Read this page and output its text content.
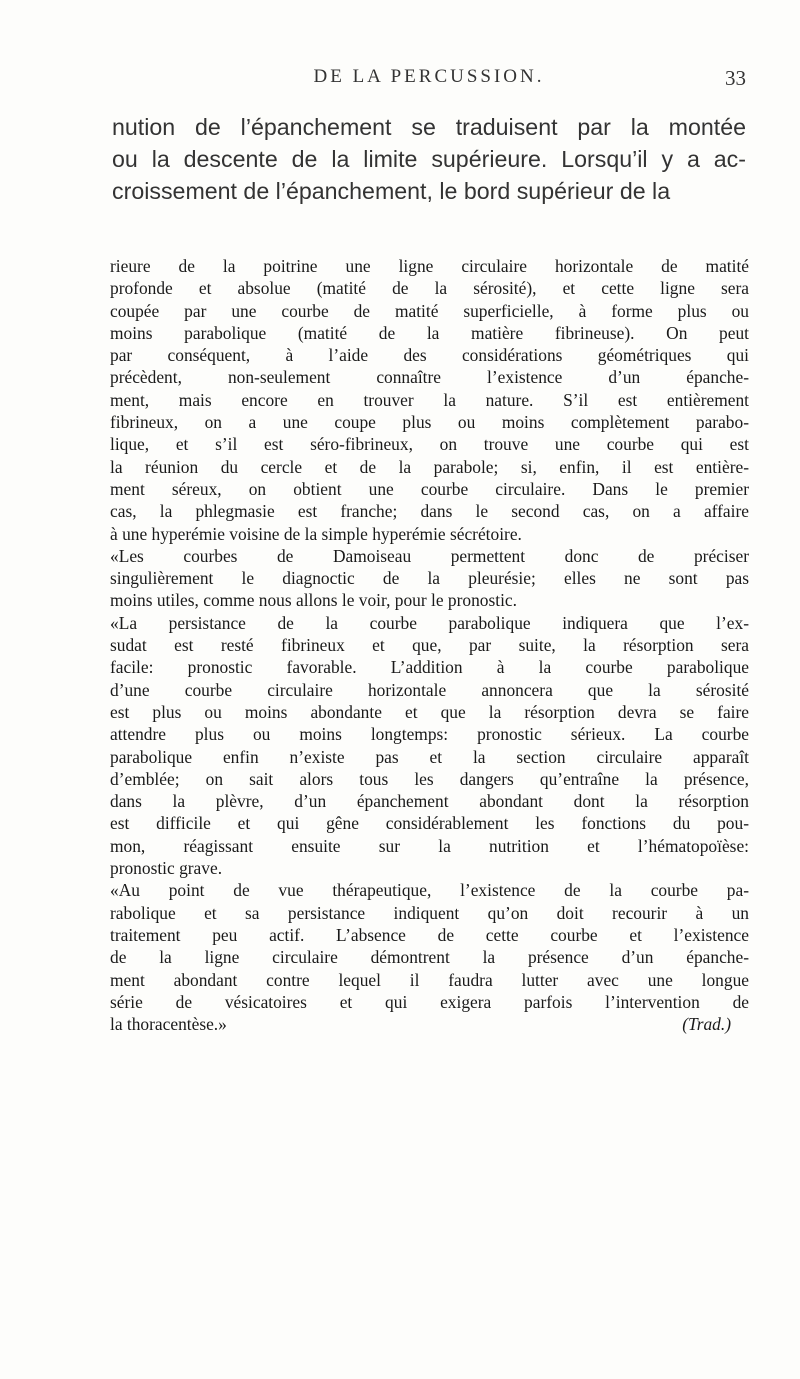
DE LA PERCUSSION.	33
nution de l’épanchement se traduisent par la montée
ou la descente de la limite supérieure. Lorsqu’il y a ac-
croissement de l’épanchement, le bord supérieur de la
rieure de la poitrine une ligne circulaire horizontale de matité
profonde et absolue (matité de la sérosité), et cette ligne sera
coupée par une courbe de matité superficielle, à forme plus ou
moins parabolique (matité de la matière fibrineuse). On peut
par conséquent, à l’aide des considérations géométriques qui
précèdent, non-seulement connaître l’existence d’un épanche-
ment, mais encore en trouver la nature. S’il est entièrement
fibrineux, on a une coupe plus ou moins complètement parabo-
lique, et s’il est séro-fibrineux, on trouve une courbe qui est
la réunion du cercle et de la parabole; si, enfin, il est entière-
ment séreux, on obtient une courbe circulaire. Dans le premier
cas, la phlegmasie est franche; dans le second cas, on a affaire
à une hyperémie voisine de la simple hyperémie sécrétoire.
«Les courbes de Damoiseau permettent donc de préciser
singulièrement le diagnoctic de la pleurésie; elles ne sont pas
moins utiles, comme nous allons le voir, pour le pronostic.
«La persistance de la courbe parabolique indiquera que l’ex-
sudat est resté fibrineux et que, par suite, la résorption sera
facile: pronostic favorable. L’addition à la courbe parabolique
d’une courbe circulaire horizontale annoncera que la sérosité
est plus ou moins abondante et que la résorption devra se faire
attendre plus ou moins longtemps: pronostic sérieux. La courbe
parabolique enfin n’existe pas et la section circulaire apparaît
d’emblée; on sait alors tous les dangers qu’entraîne la présence,
dans la plèvre, d’un épanchement abondant dont la résorption
est difficile et qui gêne considérablement les fonctions du pou-
mon, réagissant ensuite sur la nutrition et l’hématopoïèse:
pronostic grave.
«Au point de vue thérapeutique, l’existence de la courbe pa-
rabolique et sa persistance indiquent qu’on doit recourir à un
traitement peu actif. L’absence de cette courbe et l’existence
de la ligne circulaire démontrent la présence d’un épanche-
ment abondant contre lequel il faudra lutter avec une longue
série de vésicatoires et qui exigera parfois l’intervention de
la thoracentèse.»	(Trad.)
